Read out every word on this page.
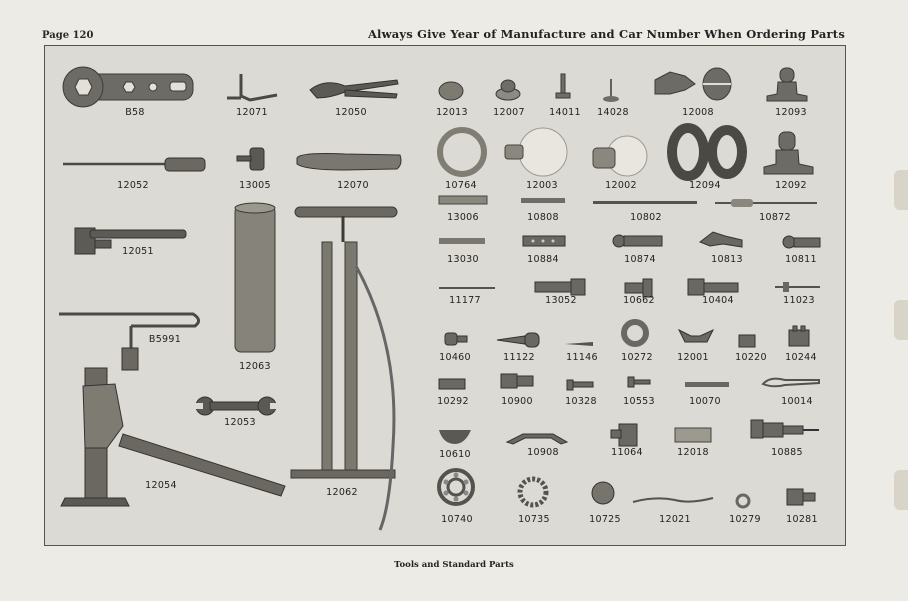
Page 120	Always Give Year of Manufacture and Car Number When Ordering Parts
B58	12071	12050	12013	12007	14011 14028	12008	12093
12052	13005	12070	10764	12003	12002	12094	12092
13006	10808	10802	10872
12051
13030	10884	10874	10813	10811
B5991
12063
11177	13052	10662	10404	11023
10460	11122	11146 10272	12001	10220 10244
12053
10292	10900	10328	10553	10070	10014
12054
12062
10610	10908	11064	12018	10885
10740	10735	10725	12021	10279	10281
Tools and Standard Parts
